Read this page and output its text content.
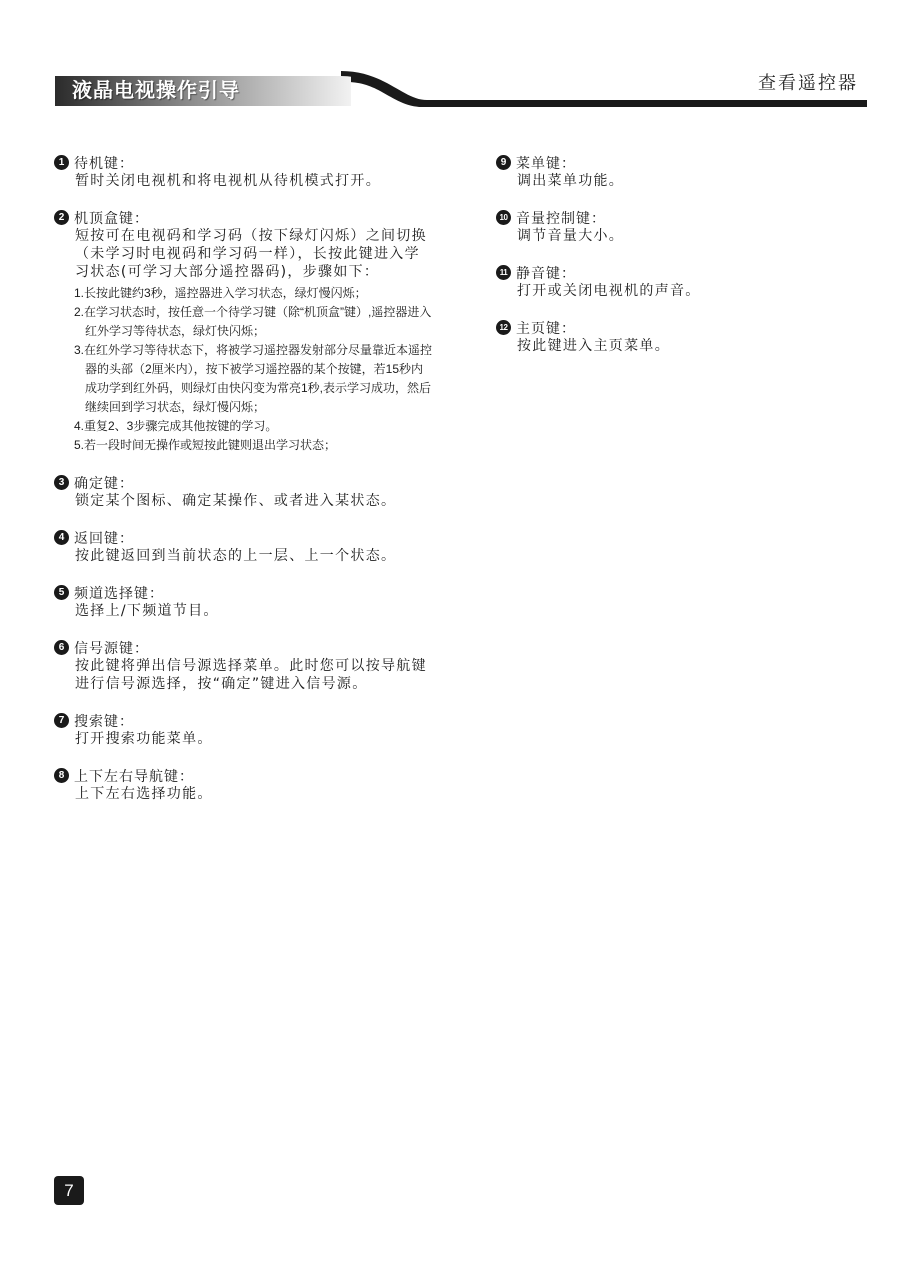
液晶电视操作引导	查看遥控器
1 待机键：
暂时关闭电视机和将电视机从待机模式打开。
2 机顶盒键：
短按可在电视码和学习码（按下绿灯闪烁）之间切换（未学习时电视码和学习码一样），长按此键进入学习状态(可学习大部分遥控器码)，步骤如下：
1.长按此键约3秒，遥控器进入学习状态，绿灯慢闪烁；
2.在学习状态时，按任意一个待学习键（除“机顶盒”键）,遥控器进入红外学习等待状态，绿灯快闪烁；
3.在红外学习等待状态下，将被学习遥控器发射部分尽量靠近本遥控器的头部（2厘米内），按下被学习遥控器的某个按键，若15秒内成功学到红外码，则绿灯由快闪变为常亮1秒,表示学习成功，然后继续回到学习状态，绿灯慢闪烁；
4.重复2、3步骤完成其他按键的学习。
5.若一段时间无操作或短按此键则退出学习状态；
3 确定键：
锁定某个图标、确定某操作、或者进入某状态。
4 返回键：
按此键返回到当前状态的上一层、上一个状态。
5 频道选择键：
选择上/下频道节目。
6 信号源键：
按此键将弹出信号源选择菜单。此时您可以按导航键进行信号源选择，按“确定”键进入信号源。
7 搜索键：
打开搜索功能菜单。
8 上下左右导航键：
上下左右选择功能。
9 菜单键：
调出菜单功能。
10 音量控制键：
调节音量大小。
11 静音键：
打开或关闭电视机的声音。
12 主页键：
按此键进入主页菜单。
7
